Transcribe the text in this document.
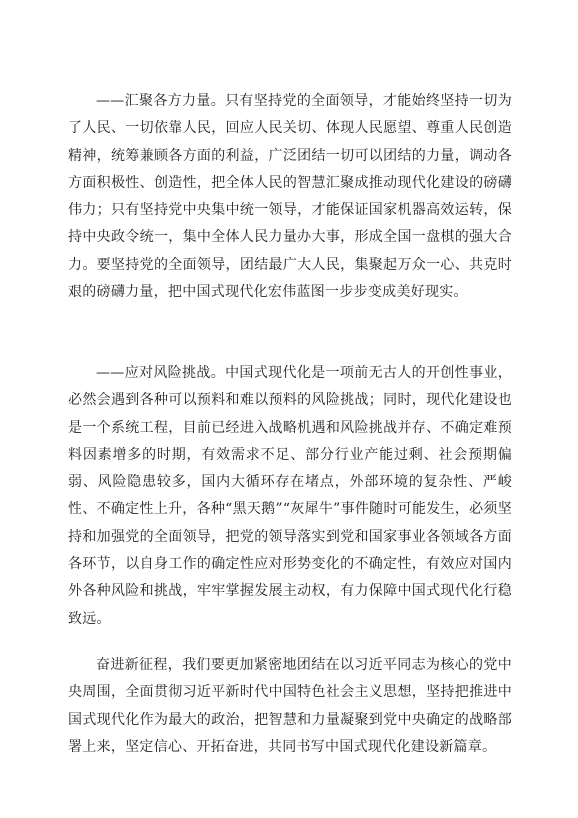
——汇聚各方力量。只有坚持党的全面领导，才能始终坚持一切为了人民、一切依靠人民，回应人民关切、体现人民愿望、尊重人民创造精神，统筹兼顾各方面的利益，广泛团结一切可以团结的力量，调动各方面积极性、创造性，把全体人民的智慧汇聚成推动现代化建设的磅礴伟力；只有坚持党中央集中统一领导，才能保证国家机器高效运转，保持中央政令统一，集中全体人民力量办大事，形成全国一盘棋的强大合力。要坚持党的全面领导，团结最广大人民，集聚起万众一心、共克时艰的磅礴力量，把中国式现代化宏伟蓝图一步步变成美好现实。

——应对风险挑战。中国式现代化是一项前无古人的开创性事业，必然会遇到各种可以预料和难以预料的风险挑战；同时，现代化建设也是一个系统工程，目前已经进入战略机遇和风险挑战并存、不确定难预料因素增多的时期，有效需求不足、部分行业产能过剩、社会预期偏弱、风险隐患较多，国内大循环存在堵点，外部环境的复杂性、严峻性、不确定性上升，各种“黑天鹅”“灰犀牛”事件随时可能发生，必须坚持和加强党的全面领导，把党的领导落实到党和国家事业各领域各方面各环节，以自身工作的确定性应对形势变化的不确定性，有效应对国内外各种风险和挑战，牢牢掌握发展主动权，有力保障中国式现代化行稳致远。

奋进新征程，我们要更加紧密地团结在以习近平同志为核心的党中央周围，全面贯彻习近平新时代中国特色社会主义思想，坚持把推进中国式现代化作为最大的政治，把智慧和力量凝聚到党中央确定的战略部署上来，坚定信心、开拓奋进，共同书写中国式现代化建设新篇章。
